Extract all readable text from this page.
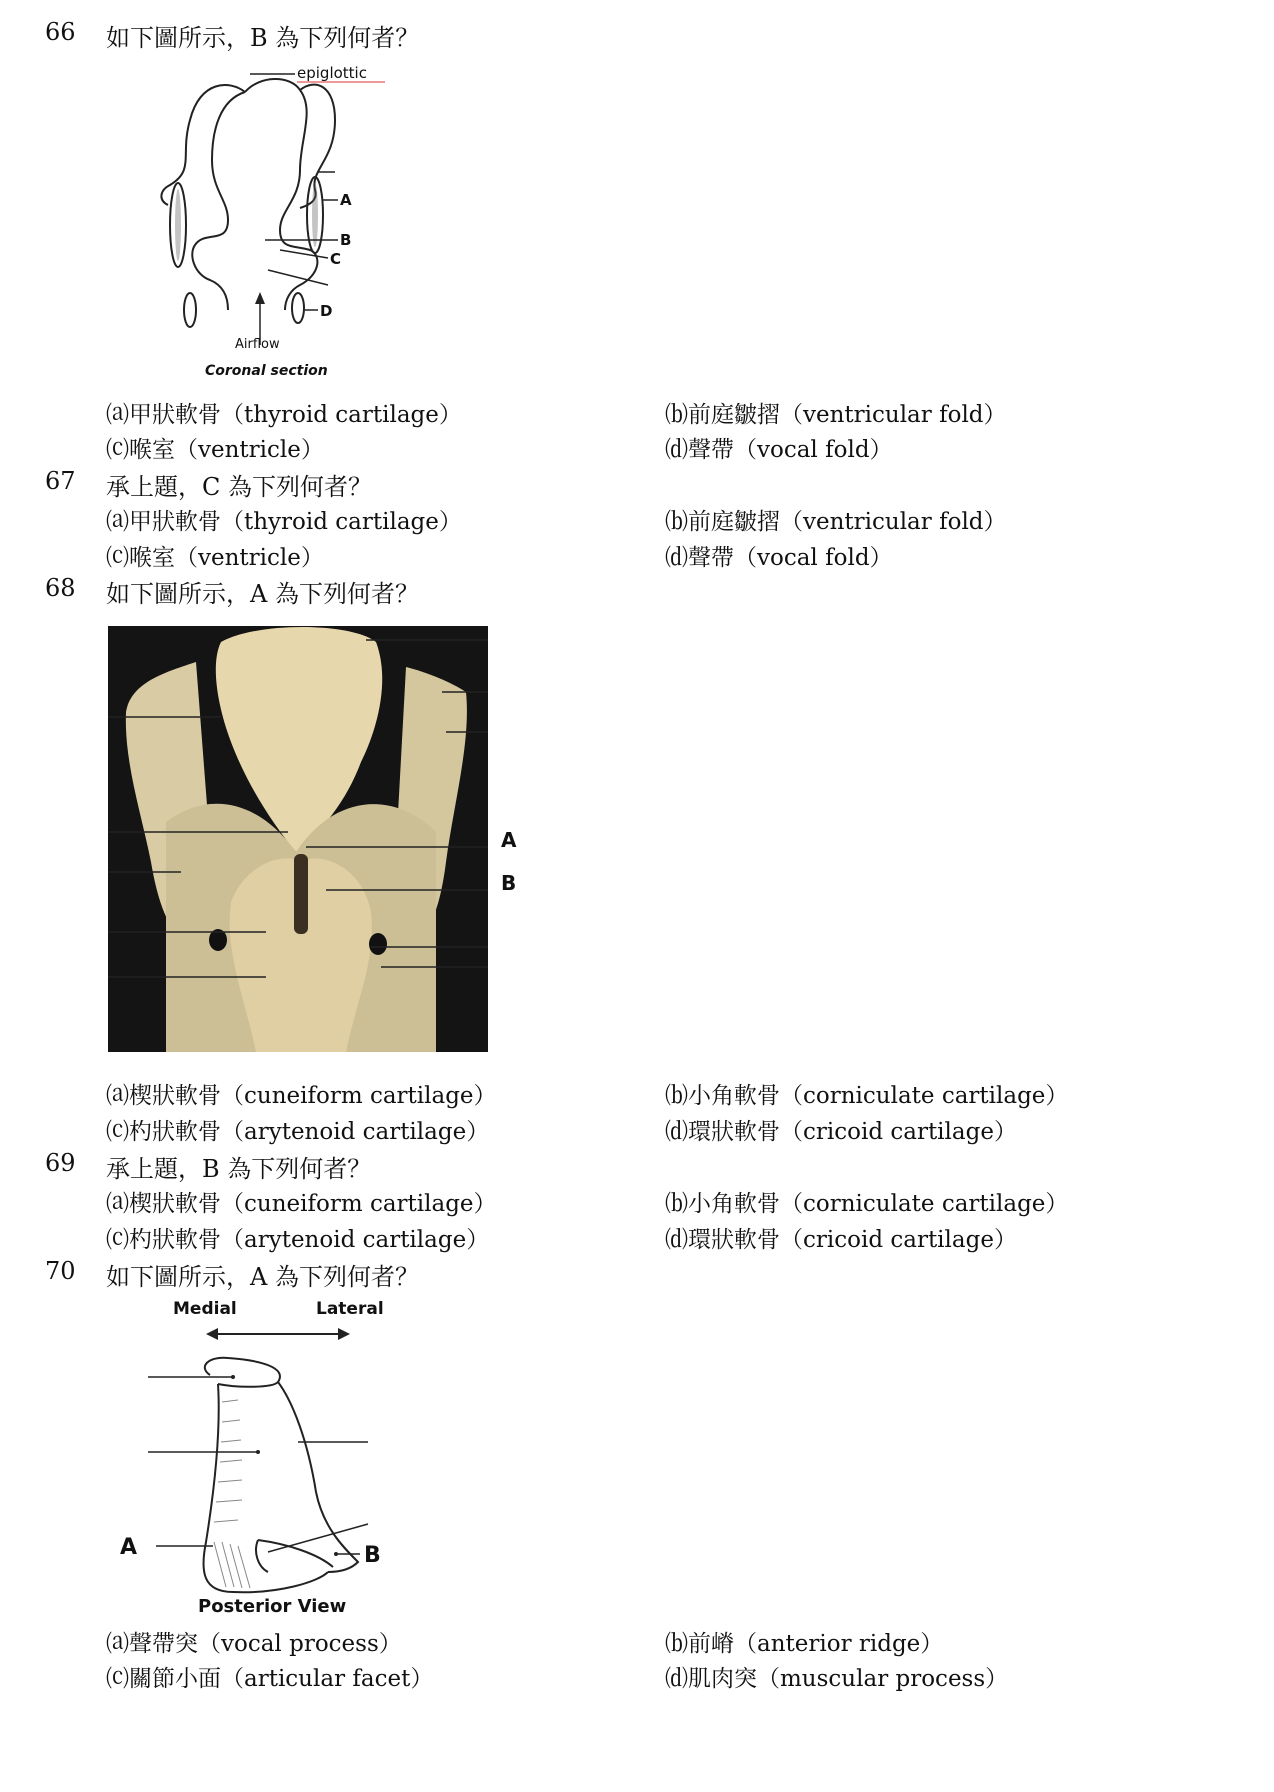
66 如下圖所示，B 為下列何者？
epiglottic
A
B
C
D
Airflow
Coronal section
⒜甲狀軟骨（thyroid cartilage）	⒝前庭皺摺（ventricular fold）
⒞喉室（ventricle）	⒟聲帶（vocal fold）
67 承上題，C 為下列何者？
⒜甲狀軟骨（thyroid cartilage）	⒝前庭皺摺（ventricular fold）
⒞喉室（ventricle）	⒟聲帶（vocal fold）
68 如下圖所示，A 為下列何者？
A
B
⒜楔狀軟骨（cuneiform cartilage）	⒝小角軟骨（corniculate cartilage）
⒞杓狀軟骨（arytenoid cartilage）	⒟環狀軟骨（cricoid cartilage）
69 承上題，B 為下列何者？
⒜楔狀軟骨（cuneiform cartilage）	⒝小角軟骨（corniculate cartilage）
⒞杓狀軟骨（arytenoid cartilage）	⒟環狀軟骨（cricoid cartilage）
70 如下圖所示，A 為下列何者？
Medial	Lateral
A	B
Posterior View
⒜聲帶突（vocal process）	⒝前嵴（anterior ridge）
⒞關節小面（articular facet）	⒟肌肉突（muscular process）
